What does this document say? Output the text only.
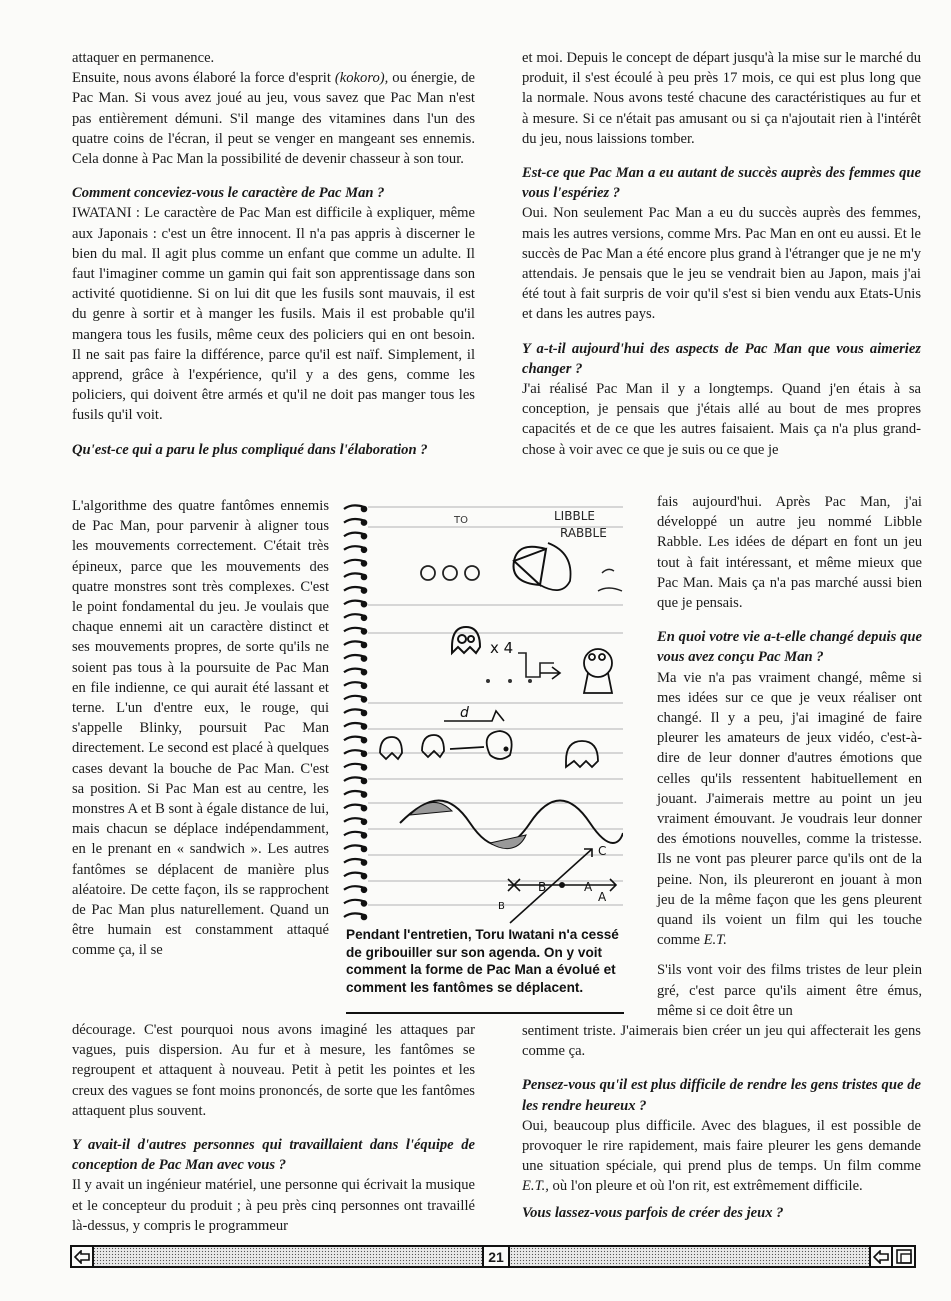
attaquer en permanence.

Ensuite, nous avons élaboré la force d'esprit (kokoro), ou énergie, de Pac Man. Si vous avez joué au jeu, vous savez que Pac Man n'est pas entièrement démuni. S'il mange des vitamines dans l'un des quatre coins de l'écran, il peut se venger en mangeant ses ennemis. Cela donne à Pac Man la possibilité de devenir chasseur à son tour.

Comment conceviez-vous le caractère de Pac Man ?

IWATANI : Le caractère de Pac Man est difficile à expliquer, même aux Japonais : c'est un être innocent. Il n'a pas appris à discerner le bien du mal. Il agit plus comme un enfant que comme un adulte. Il faut l'imaginer comme un gamin qui fait son apprentissage dans son activité quotidienne. Si on lui dit que les fusils sont mauvais, il est du genre à sortir et à manger les fusils. Mais il est probable qu'il mangera tous les fusils, même ceux des policiers qui en ont besoin. Il ne sait pas faire la différence, parce qu'il est naïf. Simplement, il apprend, grâce à l'expérience, qu'il y a des gens, comme les policiers, qui doivent être armés et qu'il ne doit pas manger tous les fusils qu'il voit.

Qu'est-ce qui a paru le plus compliqué dans l'élaboration ?

L'algorithme des quatre fantômes ennemis de Pac Man, pour parvenir à aligner tous les mouvements correctement. C'était très épineux, parce que les mouvements des quatre monstres sont très complexes. C'est le point fondamental du jeu. Je voulais que chaque ennemi ait un caractère distinct et ses mouvements propres, de sorte qu'ils ne soient pas tous à la poursuite de Pac Man en file indienne, ce qui aurait été lassant et terne. L'un d'entre eux, le rouge, qui s'appelle Blinky, poursuit Pac Man directement. Le second est placé à quelques cases devant la bouche de Pac Man. C'est sa position. Si Pac Man est au centre, les monstres A et B sont à égale distance de lui, mais chacun se déplace indépendamment, en le prenant en « sandwich ». Les autres fantômes se déplacent de manière plus aléatoire. De cette façon, ils se rapprochent de Pac Man plus naturellement. Quand un être humain est constamment attaqué comme ça, il se

décourage. C'est pourquoi nous avons imaginé les attaques par vagues, puis dispersion. Au fur et à mesure, les fantômes se regroupent et attaquent à nouveau. Petit à petit les pointes et les creux des vagues se font moins prononcés, de sorte que les fantômes attaquent plus souvent.

Y avait-il d'autres personnes qui travaillaient dans l'équipe de conception de Pac Man avec vous ?

Il y avait un ingénieur matériel, une personne qui écrivait la musique et le concepteur du produit ; à peu près cinq personnes ont travaillé là-dessus, y compris le programmeur

et moi. Depuis le concept de départ jusqu'à la mise sur le marché du produit, il s'est écoulé à peu près 17 mois, ce qui est plus long que la normale. Nous avons testé chacune des caractéristiques au fur et à mesure. Si ce n'était pas amusant ou si ça n'ajoutait rien à l'intérêt du jeu, nous laissions tomber.

Est-ce que Pac Man a eu autant de succès auprès des femmes que vous l'espériez ?

Oui. Non seulement Pac Man a eu du succès auprès des femmes, mais les autres versions, comme Mrs. Pac Man en ont eu aussi. Et le succès de Pac Man a été encore plus grand à l'étranger que je ne m'y attendais. Je pensais que le jeu se vendrait bien au Japon, mais j'ai été tout à fait surpris de voir qu'il s'est si bien vendu aux Etats-Unis et dans les autres pays.

Y a-t-il aujourd'hui des aspects de Pac Man que vous aimeriez changer ?

J'ai réalisé Pac Man il y a longtemps. Quand j'en étais à sa conception, je pensais que j'étais allé au bout de mes propres capacités et de ce que les autres faisaient. Mais ça n'a plus grand-chose à voir avec ce que je suis ou ce que je

fais aujourd'hui. Après Pac Man, j'ai développé un autre jeu nommé Libble Rabble. Les idées de départ en font un jeu tout à fait intéressant, et même mieux que Pac Man. Mais ça n'a pas marché aussi bien que je pensais.

En quoi votre vie a-t-elle changé depuis que vous avez conçu Pac Man ?

Ma vie n'a pas vraiment changé, même si mes idées sur ce que je veux réaliser ont changé. Il y a peu, j'ai imaginé de faire pleurer les amateurs de jeux vidéo, c'est-à-dire de leur donner d'autres émotions que celles qu'ils ressentent habituellement en jouant. J'aimerais mettre au point un jeu vraiment émouvant. Je voudrais leur donner des émotions nouvelles, comme la tristesse. Ils ne vont pas pleurer parce qu'ils ont de la peine. Non, ils pleureront en jouant à mon jeu de la même façon que les gens pleurent quand ils voient un film qui les touche comme E.T.

S'ils vont voir des films tristes de leur plein gré, c'est parce qu'ils aiment être émus, même si ce doit être un

sentiment triste. J'aimerais bien créer un jeu qui affecterait les gens comme ça.

Pensez-vous qu'il est plus difficile de rendre les gens tristes que de les rendre heureux ?

Oui, beaucoup plus difficile. Avec des blagues, il est possible de provoquer le rire rapidement, mais faire pleurer les gens demande une situation spéciale, qui prend plus de temps. Un film comme E.T., où l'on pleure et où l'on rit, est extrêmement difficile.

Vous lassez-vous parfois de créer des jeux ?

TO	LIBBLE
RABBLE
x 4
d
C
A
B	A
B
Pendant l'entretien, Toru Iwatani n'a cessé de gribouiller sur son agenda. On y voit comment la forme de Pac Man a évolué et comment les fantômes se déplacent.
21
